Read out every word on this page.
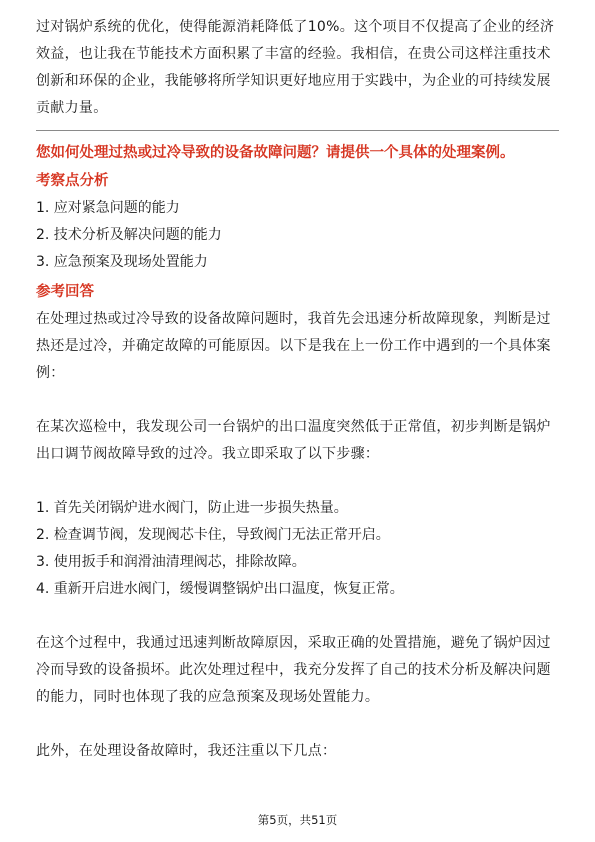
过对锅炉系统的优化，使得能源消耗降低了10%。这个项目不仅提高了企业的经济效益，也让我在节能技术方面积累了丰富的经验。我相信，在贵公司这样注重技术创新和环保的企业，我能够将所学知识更好地应用于实践中，为企业的可持续发展贡献力量。

您如何处理过热或过冷导致的设备故障问题？请提供一个具体的处理案例。

考察点分析
1. 应对紧急问题的能力
2. 技术分析及解决问题的能力
3. 应急预案及现场处置能力
参考回答

在处理过热或过冷导致的设备故障问题时，我首先会迅速分析故障现象，判断是过热还是过冷，并确定故障的可能原因。以下是我在上一份工作中遇到的一个具体案例：

在某次巡检中，我发现公司一台锅炉的出口温度突然低于正常值，初步判断是锅炉出口调节阀故障导致的过冷。我立即采取了以下步骤：

1. 首先关闭锅炉进水阀门，防止进一步损失热量。
2. 检查调节阀，发现阀芯卡住，导致阀门无法正常开启。
3. 使用扳手和润滑油清理阀芯，排除故障。
4. 重新开启进水阀门，缓慢调整锅炉出口温度，恢复正常。

在这个过程中，我通过迅速判断故障原因，采取正确的处置措施，避免了锅炉因过冷而导致的设备损坏。此次处理过程中，我充分发挥了自己的技术分析及解决问题的能力，同时也体现了我的应急预案及现场处置能力。

此外，在处理设备故障时，我还注重以下几点：

第5页，共51页
